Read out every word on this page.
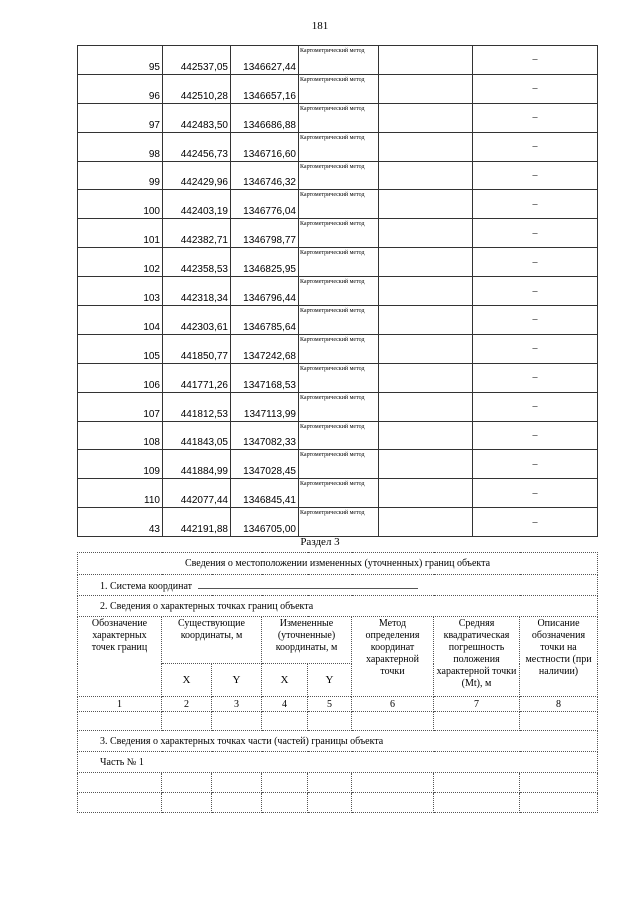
181
95	442537,05	1346627,44	Картометрический метод		–
96	442510,28	1346657,16	Картометрический метод		–
97	442483,50	1346686,88	Картометрический метод		–
98	442456,73	1346716,60	Картометрический метод		–
99	442429,96	1346746,32	Картометрический метод		–
100	442403,19	1346776,04	Картометрический метод		–
101	442382,71	1346798,77	Картометрический метод		–
102	442358,53	1346825,95	Картометрический метод		–
103	442318,34	1346796,44	Картометрический метод		–
104	442303,61	1346785,64	Картометрический метод		–
105	441850,77	1347242,68	Картометрический метод		–
106	441771,26	1347168,53	Картометрический метод		–
107	441812,53	1347113,99	Картометрический метод		–
108	441843,05	1347082,33	Картометрический метод		–
109	441884,99	1347028,45	Картометрический метод		–
110	442077,44	1346845,41	Картометрический метод		–
43	442191,88	1346705,00	Картометрический метод		–
Раздел 3
Сведения о местоположении измененных (уточненных) границ объекта							
1. Система координат							
2. Сведения о характерных точках границ объекта							
Обозначение характерных точек границ	Существующие координаты, м		Измененные (уточненные) координаты, м		Метод определения координат характерной точки	Средняя квадратическая погрешность положения характерной точки (Mt), м	Описание обозначения точки на местности (при наличии)
	X	Y	X	Y			
1	2	3	4	5	6	7	8

3. Сведения о характерных точках части (частей) границы объекта							
Часть № 1							
